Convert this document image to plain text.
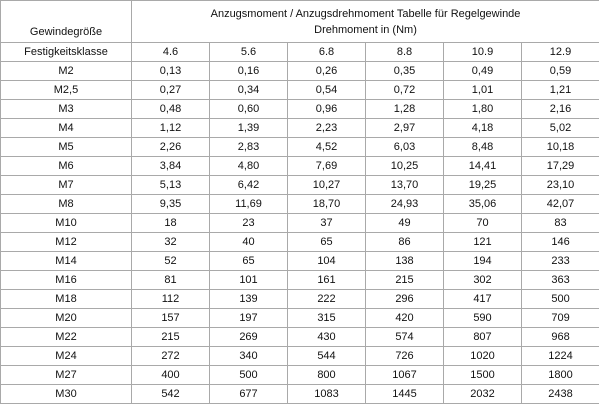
Gewindegröße	Anzugsmoment / Anzugsdrehmoment Tabelle für Regelgewinde
Drehmoment in (Nm)					

Festigkeitsklasse	4.6	5.6	6.8	8.8	10.9	12.9
M2	0,13	0,16	0,26	0,35	0,49	0,59
M2,5	0,27	0,34	0,54	0,72	1,01	1,21
M3	0,48	0,60	0,96	1,28	1,80	2,16
M4	1,12	1,39	2,23	2,97	4,18	5,02
M5	2,26	2,83	4,52	6,03	8,48	10,18
M6	3,84	4,80	7,69	10,25	14,41	17,29
M7	5,13	6,42	10,27	13,70	19,25	23,10
M8	9,35	11,69	18,70	24,93	35,06	42,07
M10	18	23	37	49	70	83
M12	32	40	65	86	121	146
M14	52	65	104	138	194	233
M16	81	101	161	215	302	363
M18	112	139	222	296	417	500
M20	157	197	315	420	590	709
M22	215	269	430	574	807	968
M24	272	340	544	726	1020	1224
M27	400	500	800	1067	1500	1800
M30	542	677	1083	1445	2032	2438
